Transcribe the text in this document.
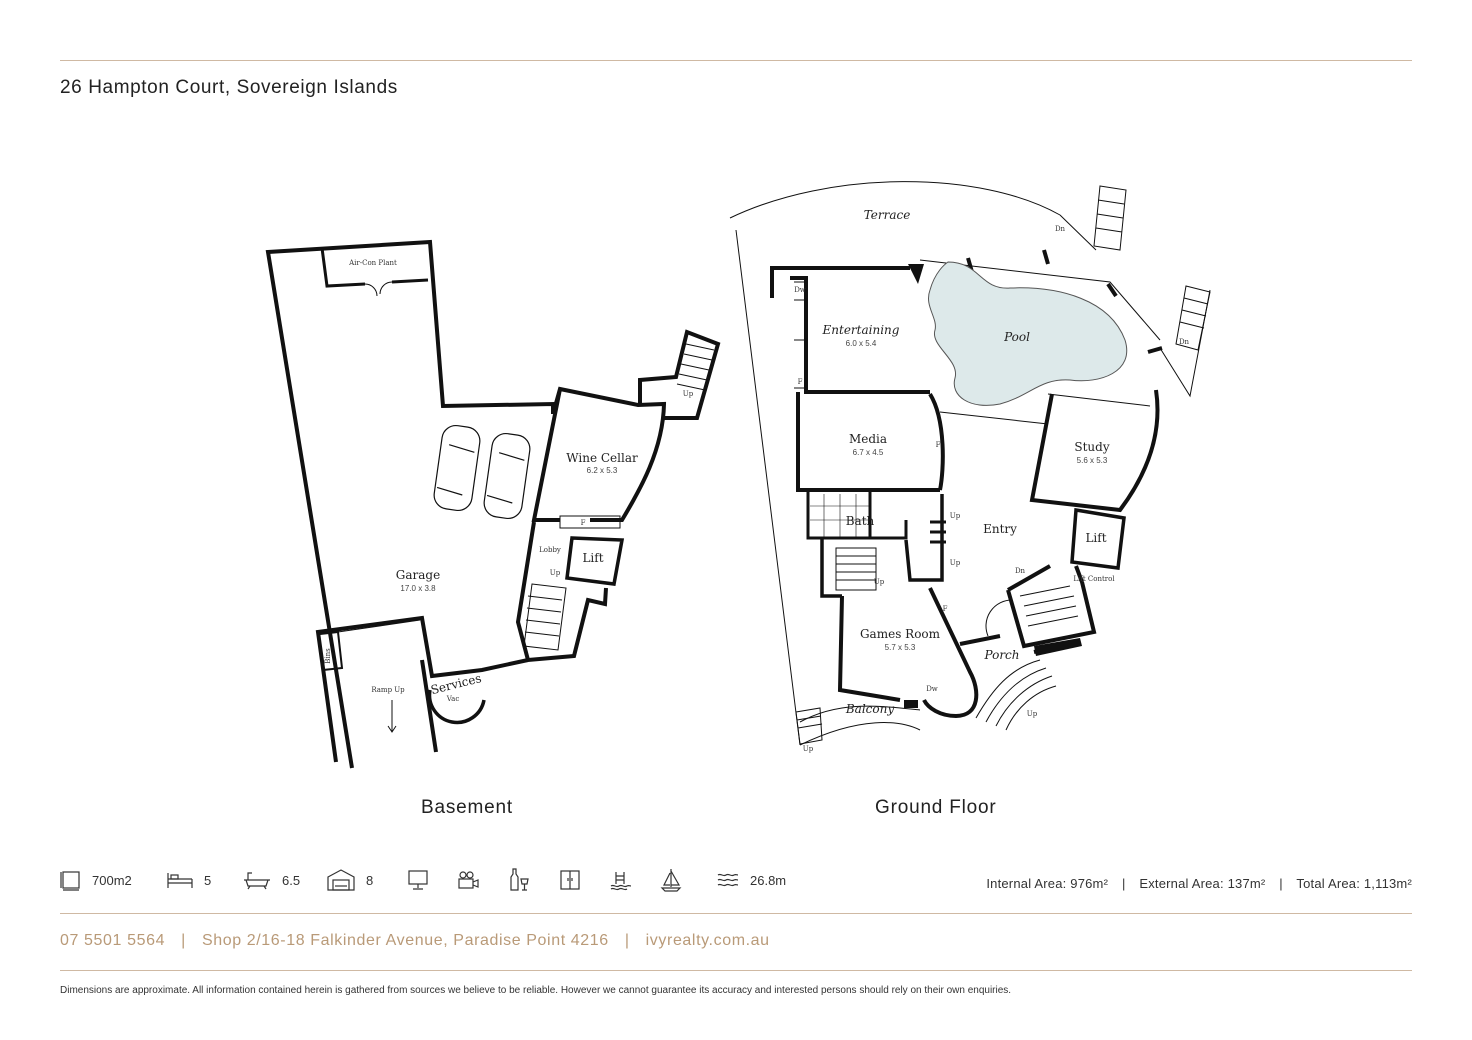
26 Hampton Court, Sovereign Islands
Air-Con Plant
Wine Cellar
6.2 x 5.3
Garage
17.0 x 3.8
Lobby
Lift
Services
Ramp Up
Bins
Vac
Up
Up
F
Terrace
Entertaining
6.0 x 5.4	Pool
Media
6.7 x 4.5	Study
5.6 x 5.3
Bath
Entry
Lift
Lift Control
Games Room
5.7 x 5.3
Porch
Balcony
Dw
Dw
Dn
Dn
Dn
Up
Up
Up
Up
Up
F
F
F
Basement	Ground Floor
700m2	5	6.5	8	26.8m	Internal Area: 976m² | External Area: 137m² | Total Area: 1,113m²
07 5501 5564 | Shop 2/16-18 Falkinder Avenue, Paradise Point 4216 | ivyrealty.com.au
Dimensions are approximate. All information contained herein is gathered from sources we believe to be reliable. However we cannot guarantee its accuracy and interested persons should rely on their own enquiries.
